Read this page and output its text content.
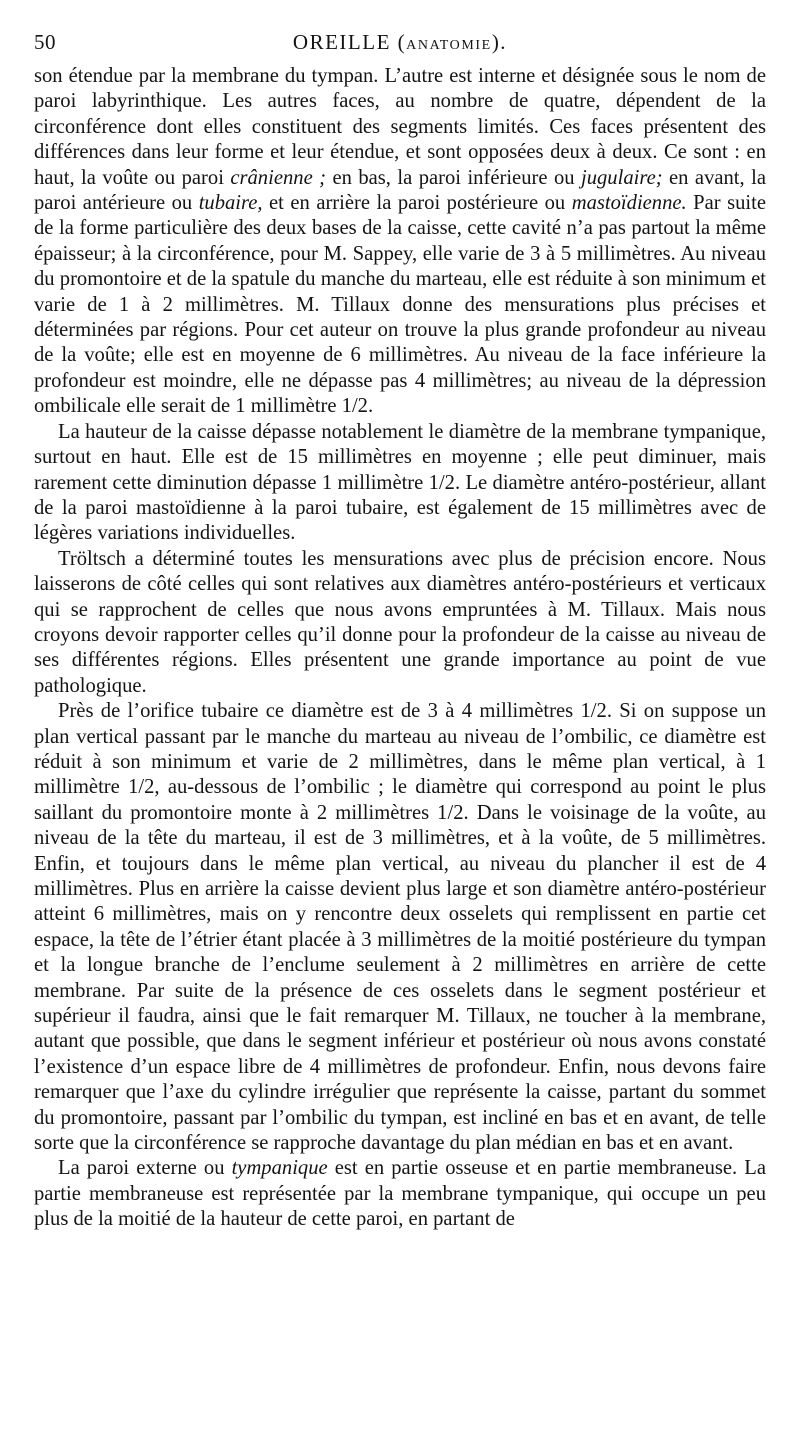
50	OREILLE (ANATOMIE).

son étendue par la membrane du tympan. L’autre est interne et désignée sous le nom de paroi labyrinthique. Les autres faces, au nombre de quatre, dépendent de la circonférence dont elles constituent des segments limités. Ces faces présentent des différences dans leur forme et leur étendue, et sont opposées deux à deux. Ce sont : en haut, la voûte ou paroi crânienne ; en bas, la paroi inférieure ou jugulaire; en avant, la paroi antérieure ou tubaire, et en arrière la paroi postérieure ou mastoïdienne. Par suite de la forme particulière des deux bases de la caisse, cette cavité n’a pas partout la même épaisseur; à la circonférence, pour M. Sappey, elle varie de 3 à 5 millimètres. Au niveau du promontoire et de la spatule du manche du marteau, elle est réduite à son minimum et varie de 1 à 2 millimètres. M. Tillaux donne des mensurations plus précises et déterminées par régions. Pour cet auteur on trouve la plus grande profondeur au niveau de la voûte; elle est en moyenne de 6 millimètres. Au niveau de la face inférieure la profondeur est moindre, elle ne dépasse pas 4 millimètres; au niveau de la dépression ombilicale elle serait de 1 millimètre 1/2.

La hauteur de la caisse dépasse notablement le diamètre de la membrane tympanique, surtout en haut. Elle est de 15 millimètres en moyenne ; elle peut diminuer, mais rarement cette diminution dépasse 1 millimètre 1/2. Le diamètre antéro-postérieur, allant de la paroi mastoïdienne à la paroi tubaire, est également de 15 millimètres avec de légères variations individuelles.

Tröltsch a déterminé toutes les mensurations avec plus de précision encore. Nous laisserons de côté celles qui sont relatives aux diamètres antéro-postérieurs et verticaux qui se rapprochent de celles que nous avons empruntées à M. Tillaux. Mais nous croyons devoir rapporter celles qu’il donne pour la profondeur de la caisse au niveau de ses différentes régions. Elles présentent une grande importance au point de vue pathologique.

Près de l’orifice tubaire ce diamètre est de 3 à 4 millimètres 1/2. Si on suppose un plan vertical passant par le manche du marteau au niveau de l’ombilic, ce diamètre est réduit à son minimum et varie de 2 millimètres, dans le même plan vertical, à 1 millimètre 1/2, au-dessous de l’ombilic ; le diamètre qui correspond au point le plus saillant du promontoire monte à 2 millimètres 1/2. Dans le voisinage de la voûte, au niveau de la tête du marteau, il est de 3 millimètres, et à la voûte, de 5 millimètres. Enfin, et toujours dans le même plan vertical, au niveau du plancher il est de 4 millimètres. Plus en arrière la caisse devient plus large et son diamètre antéro-postérieur atteint 6 millimètres, mais on y rencontre deux osselets qui remplissent en partie cet espace, la tête de l’étrier étant placée à 3 millimètres de la moitié postérieure du tympan et la longue branche de l’enclume seulement à 2 millimètres en arrière de cette membrane. Par suite de la présence de ces osselets dans le segment postérieur et supérieur il faudra, ainsi que le fait remarquer M. Tillaux, ne toucher à la membrane, autant que possible, que dans le segment inférieur et postérieur où nous avons constaté l’existence d’un espace libre de 4 millimètres de profondeur. Enfin, nous devons faire remarquer que l’axe du cylindre irrégulier que représente la caisse, partant du sommet du promontoire, passant par l’ombilic du tympan, est incliné en bas et en avant, de telle sorte que la circonférence se rapproche davantage du plan médian en bas et en avant.

La paroi externe ou tympanique est en partie osseuse et en partie membraneuse. La partie membraneuse est représentée par la membrane tympanique, qui occupe un peu plus de la moitié de la hauteur de cette paroi, en partant de
